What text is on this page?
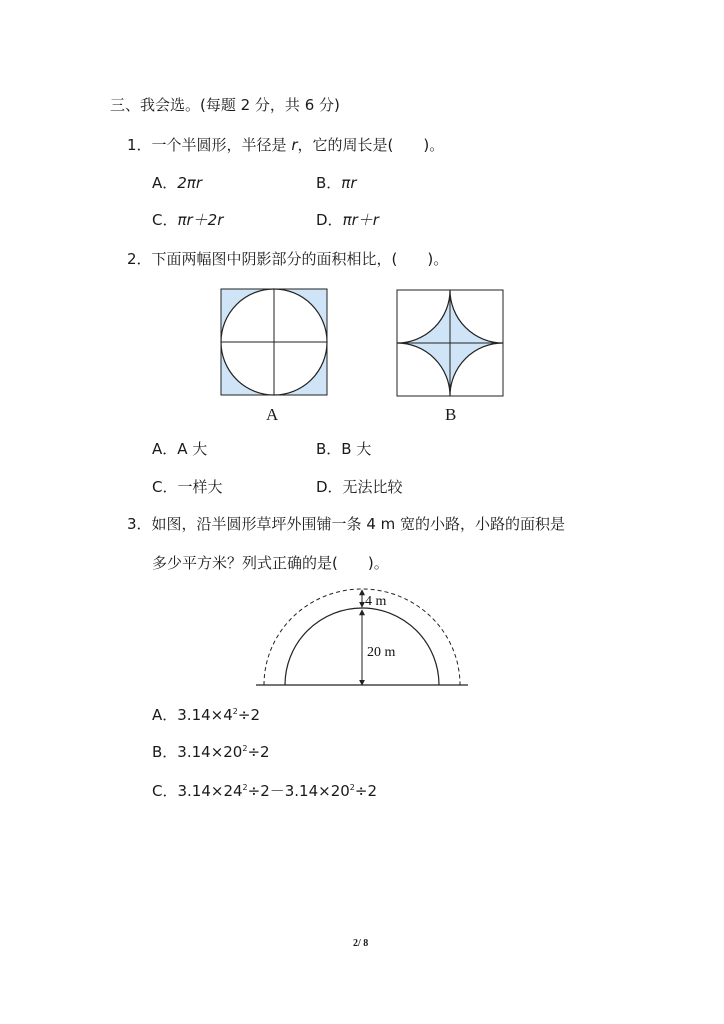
三、我会选。(每题 2 分，共 6 分)
1．一个半圆形，半径是 r，它的周长是(　　)。
A．2πr	B．πr
C．πr＋2r	D．πr＋r
2．下面两幅图中阴影部分的面积相比，(　　)。
A	B
A．A 大	B．B 大
C．一样大	D．无法比较
3．如图，沿半圆形草坪外围铺一条 4 m 宽的小路，小路的面积是
多少平方米？列式正确的是(　　)。
4 m
20 m
A．$3.14\times 4^2\div 2$
B．$3.14\times 20^2\div 2$
C．$3.14\times 24^2\div 2-3.14\times 20^2\div 2$
2/ 8
